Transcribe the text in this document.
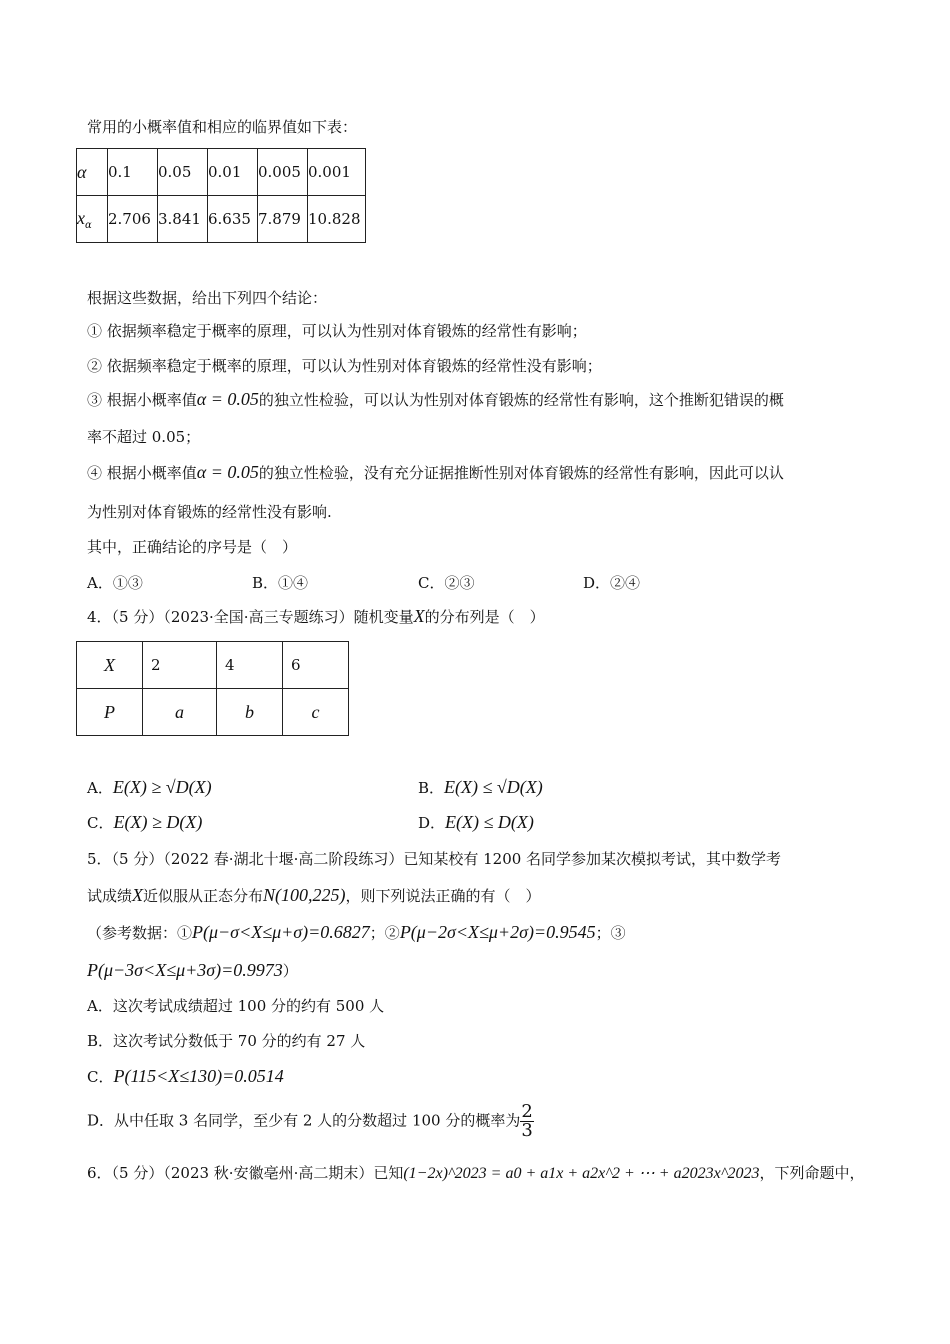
常用的小概率值和相应的临界值如下表：
α	0.1	0.05	0.01	0.005	0.001
$x_\alpha$	2.706	3.841	6.635	7.879	10.828
根据这些数据，给出下列四个结论：
① 依据频率稳定于概率的原理，可以认为性别对体育锻炼的经常性有影响；
② 依据频率稳定于概率的原理，可以认为性别对体育锻炼的经常性没有影响；
③ 根据小概率值α = 0.05的独立性检验，可以认为性别对体育锻炼的经常性有影响，这个推断犯错误的概
率不超过 0.05；
④ 根据小概率值α = 0.05的独立性检验，没有充分证据推断性别对体育锻炼的经常性有影响，因此可以认
为性别对体育锻炼的经常性没有影响.
其中，正确结论的序号是（　）
A．①③	B．①④	C．②③	D．②④
4．（5 分）（2023·全国·高三专题练习）随机变量X的分布列是（　）
X	2	4	6
P	a	b	c
A．E(X) ≥ √D(X)	B．E(X) ≤ √D(X)
C．E(X) ≥ D(X)	D．E(X) ≤ D(X)
5．（5 分）（2022 春·湖北十堰·高二阶段练习）已知某校有 1200 名同学参加某次模拟考试，其中数学考
试成绩X近似服从正态分布N(100,225)，则下列说法正确的有（　）
（参考数据：①P(μ−σ<X≤μ+σ)=0.6827；②P(μ−2σ<X≤μ+2σ)=0.9545；③
P(μ−3σ<X≤μ+3σ)=0.9973）
A．这次考试成绩超过 100 分的约有 500 人
B．这次考试分数低于 70 分的约有 27 人
C．P(115<X≤130)=0.0514
D．从中任取 3 名同学，至少有 2 人的分数超过 100 分的概率为 $\frac{2}{3}$
6．（5 分）（2023 秋·安徽亳州·高二期末）已知(1−2x)^2023 = a0 + a1x + a2x^2 + ⋯ + a2023x^2023，下列命题中，
